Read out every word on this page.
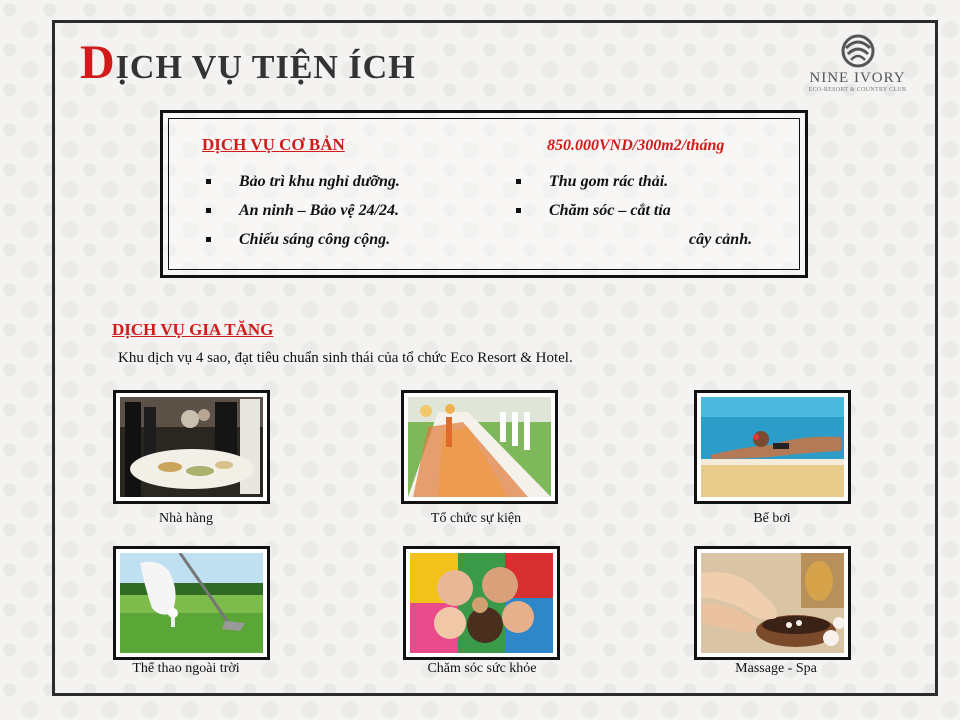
DỊCH VỤ TIỆN ÍCH	NINE IVORY
ECO-RESORT & COUNTRY CLUB
DỊCH VỤ CƠ BẢN	850.000VND/300m2/tháng
Bảo trì khu nghỉ dưỡng.
An ninh – Bảo vệ 24/24.
Chiếu sáng công cộng.
Thu gom rác thải.
Chăm sóc – cắt tỉa
cây cảnh.
DỊCH VỤ GIA TĂNG
Khu dịch vụ 4 sao, đạt tiêu chuẩn sinh thái của tổ chức Eco Resort & Hotel.
Nhà hàng	Tổ chức sự kiện	Bể bơi
Thể thao ngoài trời	Chăm sóc sức khỏe	Massage - Spa
